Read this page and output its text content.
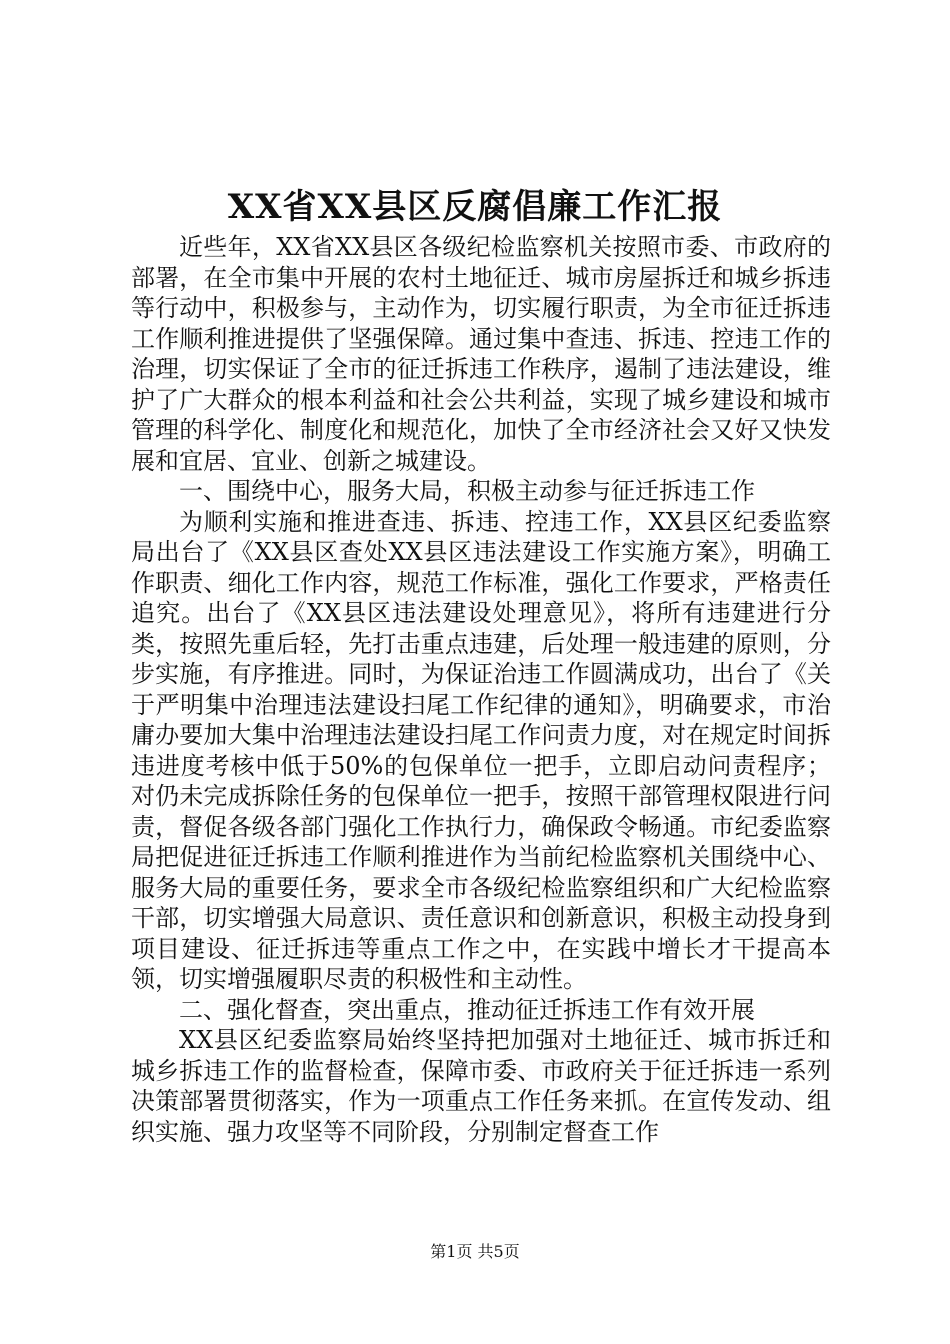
XX省XX县区反腐倡廉工作汇报

近些年，XX省XX县区各级纪检监察机关按照市委、市政府的部署，在全市集中开展的农村土地征迁、城市房屋拆迁和城乡拆违等行动中，积极参与，主动作为，切实履行职责，为全市征迁拆违工作顺利推进提供了坚强保障。通过集中查违、拆违、控违工作的治理，切实保证了全市的征迁拆违工作秩序，遏制了违法建设，维护了广大群众的根本利益和社会公共利益，实现了城乡建设和城市管理的科学化、制度化和规范化，加快了全市经济社会又好又快发展和宜居、宜业、创新之城建设。

一、围绕中心，服务大局，积极主动参与征迁拆违工作

为顺利实施和推进查违、拆违、控违工作，XX县区纪委监察局出台了《XX县区查处XX县区违法建设工作实施方案》，明确工作职责、细化工作内容，规范工作标准，强化工作要求，严格责任追究。出台了《XX县区违法建设处理意见》，将所有违建进行分类，按照先重后轻，先打击重点违建，后处理一般违建的原则，分步实施，有序推进。同时，为保证治违工作圆满成功，出台了《关于严明集中治理违法建设扫尾工作纪律的通知》，明确要求，市治庸办要加大集中治理违法建设扫尾工作问责力度，对在规定时间拆违进度考核中低于50%的包保单位一把手，立即启动问责程序；对仍未完成拆除任务的包保单位一把手，按照干部管理权限进行问责，督促各级各部门强化工作执行力，确保政令畅通。市纪委监察局把促进征迁拆违工作顺利推进作为当前纪检监察机关围绕中心、服务大局的重要任务，要求全市各级纪检监察组织和广大纪检监察干部，切实增强大局意识、责任意识和创新意识，积极主动投身到项目建设、征迁拆违等重点工作之中，在实践中增长才干提高本领，切实增强履职尽责的积极性和主动性。

二、强化督查，突出重点，推动征迁拆违工作有效开展

XX县区纪委监察局始终坚持把加强对土地征迁、城市拆迁和城乡拆违工作的监督检查，保障市委、市政府关于征迁拆违一系列决策部署贯彻落实，作为一项重点工作任务来抓。在宣传发动、组织实施、强力攻坚等不同阶段，分别制定督查工作

第1页 共5页
